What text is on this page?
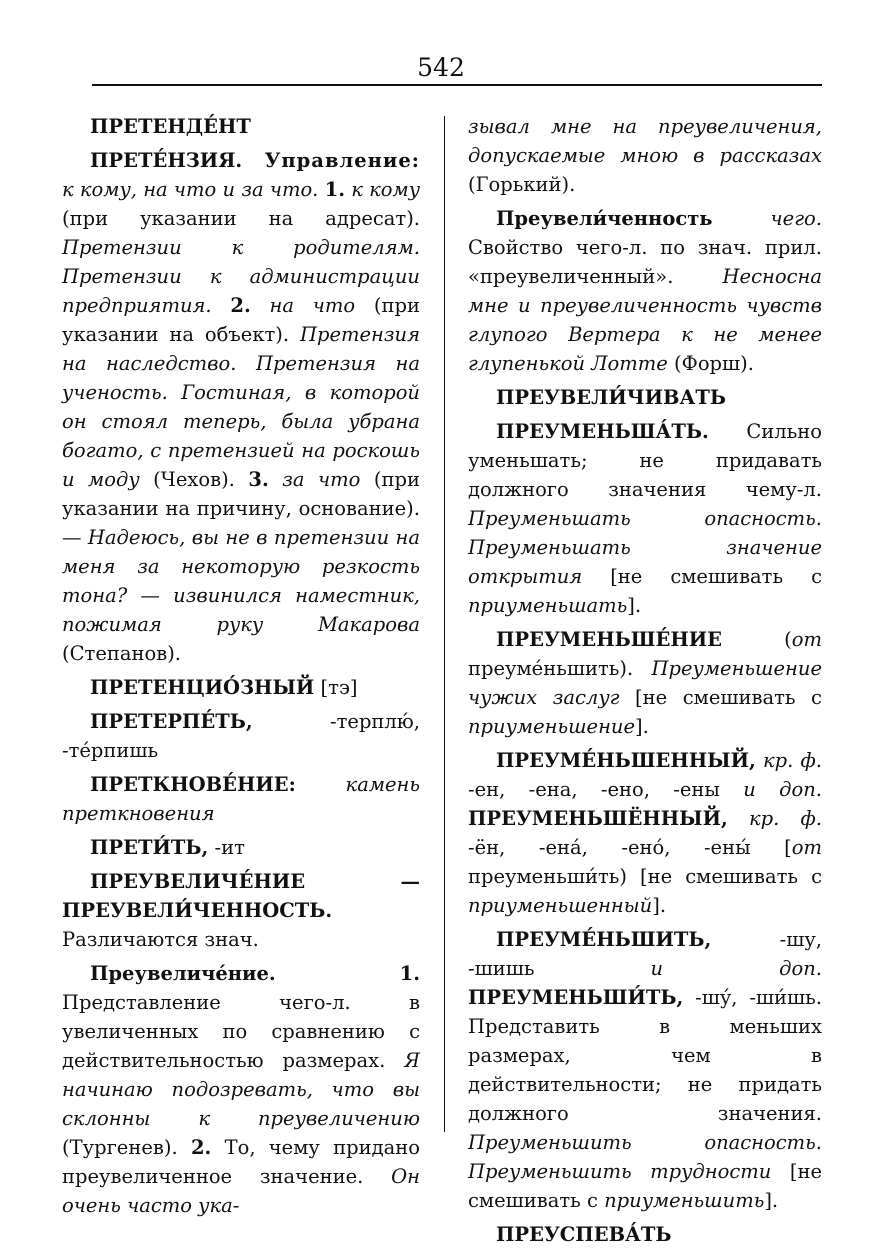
542

ПРЕТЕНДЕ́НТ

ПРЕТЕ́НЗИЯ. Управление: к кому, на что и за что. 1. к кому (при указании на адресат). Претензии к родителям. Претензии к администрации предприятия. 2. на что (при указании на объект). Претензия на наследство. Претензия на ученость. Гостиная, в которой он стоял теперь, была убрана богато, с претензией на роскошь и моду (Чехов). 3. за что (при указании на причину, основание). — Надеюсь, вы не в претензии на меня за некоторую резкость тона? — извинился наместник, пожимая руку Макарова (Степанов).

ПРЕТЕНЦИО́ЗНЫЙ [тэ]

ПРЕТЕРПЕ́ТЬ, -терплю́, -те́рпишь

ПРЕТКНОВЕ́НИЕ:	камень преткновения

ПРЕТИ́ТЬ, -ит

ПРЕУВЕЛИЧЕ́НИЕ — ПРЕУВЕЛИ́ЧЕННОСТЬ. Различаются знач.

Преувеличе́ние.	1. Представление чего-л. в увеличенных по сравнению с действительностью размерах. Я начинаю подозревать, что вы склонны к преувеличению (Тургенев). 2. То, чему придано преувеличенное значение. Он очень часто ука-

зывал мне на преувеличения, допускаемые мною в рассказах (Горький).

Преувели́ченность	чего. Свойство чего-л. по знач. прил. «преувеличенный». Несносна мне и преувеличенность чувств глупого Вертера к не менее глупенькой Лотте (Форш).

ПРЕУВЕЛИ́ЧИВАТЬ

ПРЕУМЕНЬША́ТЬ. Сильно уменьшать; не придавать должного значения чему-л. Преуменьшать опасность. Преуменьшать значение открытия [не смешивать с приуменьшать].

ПРЕУМЕНЬШЕ́НИЕ (от преуме́ньшить). Преуменьшение чужих заслуг [не смешивать с приуменьшение].

ПРЕУМЕ́НЬШЕННЫЙ, кр. ф. -ен, -ена, -ено, -ены и доп. ПРЕУМЕНЬШЁННЫЙ, кр. ф. -ён, -ена́, -ено́, -ены́ [от преуменьши́ть) [не смешивать с приуменьшенный].

ПРЕУМЕ́НЬШИТЬ, -шу, -шишь и доп. ПРЕУМЕНЬШИ́ТЬ, -шу́, -ши́шь. Представить в меньших размерах, чем в действительности; не придать должного значения. Преуменьшить опасность. Преуменьшить трудности [не смешивать с приуменьшить].

ПРЕУСПЕВА́ТЬ
